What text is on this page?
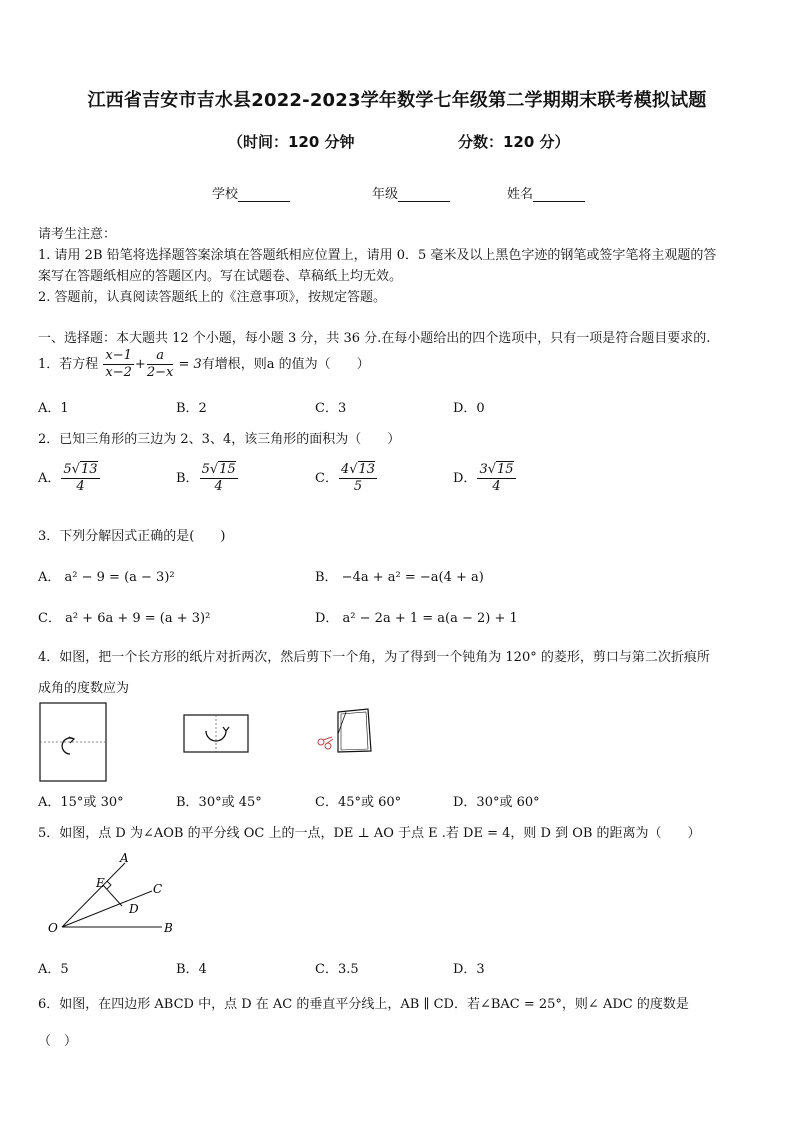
江西省吉安市吉水县2022-2023学年数学七年级第二学期期末联考模拟试题
（时间：120 分钟	分数：120 分）
学校	年级	姓名
请考生注意：
1. 请用 2B 铅笔将选择题答案涂填在答题纸相应位置上，请用 0．5 毫米及以上黑色字迹的钢笔或签字笔将主观题的答
案写在答题纸相应的答题区内。写在试题卷、草稿纸上均无效。
2. 答题前，认真阅读答题纸上的《注意事项》，按规定答题。
一、选择题：本大题共 12 个小题，每小题 3 分，共 36 分.在每小题给出的四个选项中，只有一项是符合题目要求的.
1．若方程 $\frac{x-1}{x-2} + \frac{a}{2-x} = 3$有增根，则a 的值为（　　）
A．1	B．2	C．3	D．0
2．已知三角形的三边为 2、3、4，该三角形的面积为（　　）
A． $\frac{5√13}{4}$	B． $\frac{5√15}{4}$	C． $\frac{4√13}{5}$	D． $\frac{3√15}{4}$
3．下列分解因式正确的是(　　)
A． a² − 9 = (a − 3)²	B． −4a + a² = −a(4 + a)
C． a² + 6a + 9 = (a + 3)²	D． a² − 2a + 1 = a(a − 2) + 1
4．如图，把一个长方形的纸片对折两次，然后剪下一个角，为了得到一个钝角为 120° 的菱形，剪口与第二次折痕所
成角的度数应为
A．15°或 30°	B．30°或 45°	C．45°或 60°	D．30°或 60°
5．如图，点 D 为∠AOB 的平分线 OC 上的一点，DE ⊥ AO 于点 E .若 DE = 4，则 D 到 OB 的距离为（　　）
A
E	C
D
O	B
A．5	B．4	C．3.5	D．3
6．如图，在四边形 ABCD 中，点 D 在 AC 的垂直平分线上，AB ∥ CD．若∠BAC = 25°，则∠ ADC 的度数是
（　）
